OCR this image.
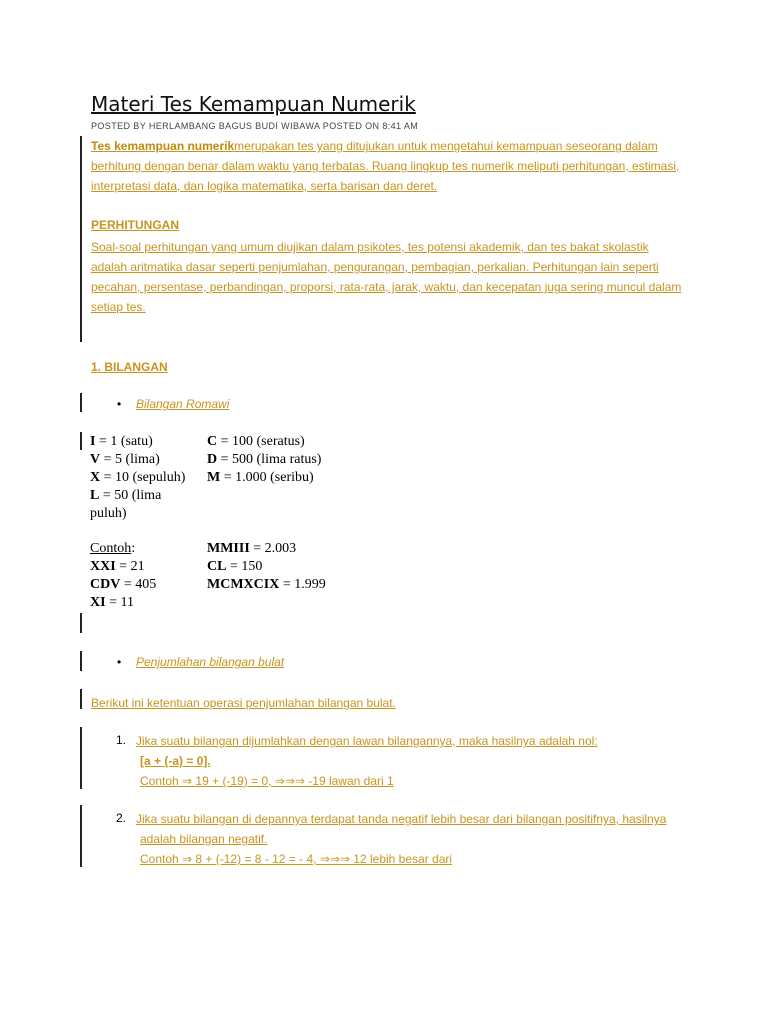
Materi Tes Kemampuan Numerik
POSTED BY HERLAMBANG BAGUS BUDI WIBAWA POSTED ON 8:41 AM
Tes kemampuan numerikmerupakan tes yang ditujukan untuk mengetahui kemampuan seseorang dalam
berhitung dengan benar dalam waktu yang terbatas. Ruang lingkup tes numerik meliputi perhitungan, estimasi,
interpretasi data, dan logika matematika, serta barisan dan deret.
PERHITUNGAN
Soal-soal perhitungan yang umum diujikan dalam psikotes, tes potensi akademik, dan tes bakat skolastik
adalah aritmatika dasar seperti penjumlahan, pengurangan, pembagian, perkalian. Perhitungan lain seperti
pecahan, persentase, perbandingan, proporsi, rata-rata, jarak, waktu, dan kecepatan juga sering muncul dalam
setiap tes.
1. BILANGAN
• Bilangan Romawi
I = 1 (satu)
V = 5 (lima)
X = 10 (sepuluh)
L = 50 (lima
puluh)
C = 100 (seratus)
D = 500 (lima ratus)
M = 1.000 (seribu)
Contoh:
XXI = 21
CDV = 405
XI = 11
MMIII = 2.003
CL = 150
MCMXCIX = 1.999
• Penjumlahan bilangan bulat
Berikut ini ketentuan operasi penjumlahan bilangan bulat.
1. Jika suatu bilangan dijumlahkan dengan lawan bilangannya, maka hasilnya adalah nol:
[a + (-a) = 0].
Contoh ⇒ 19 + (-19) = 0, ⇒⇒⇒ -19 lawan dari 1
2. Jika suatu bilangan di depannya terdapat tanda negatif lebih besar dari bilangan positifnya, hasilnya
adalah bilangan negatif.
Contoh ⇒ 8 + (-12) = 8 - 12 = - 4, ⇒⇒⇒ 12 lebih besar dari
